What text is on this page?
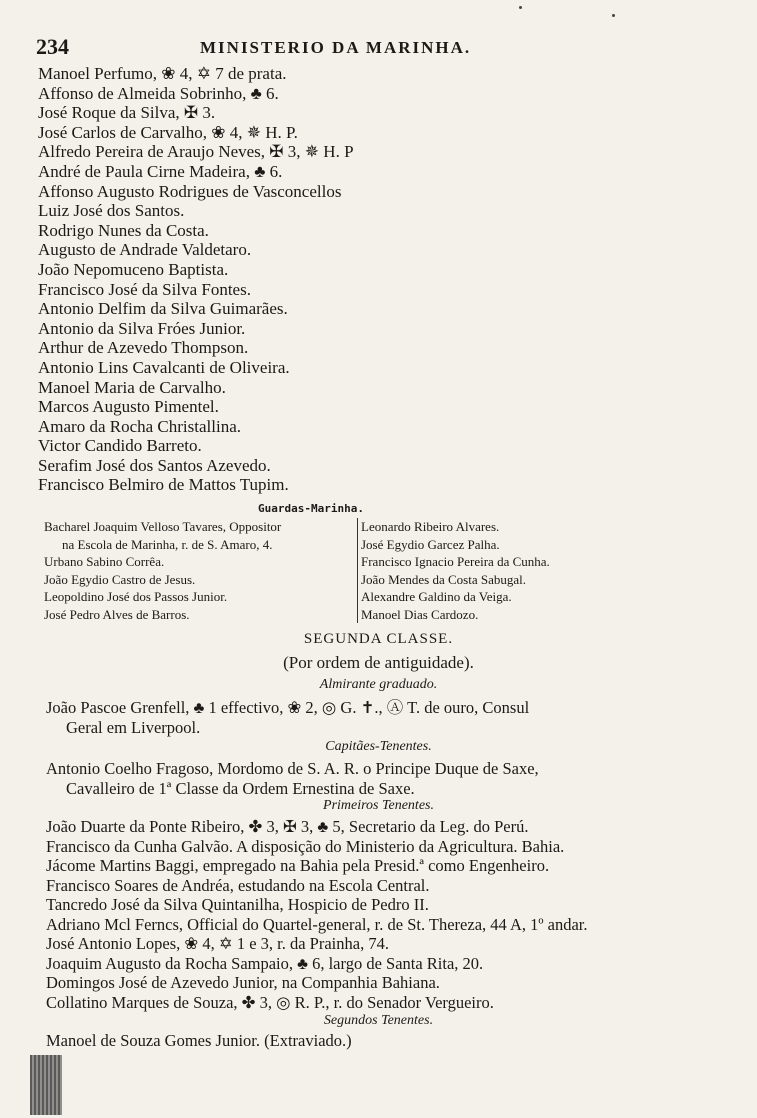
234	MINISTERIO DA MARINHA.
Manoel Perfumo, ❀ 4, ✡ 7 de prata.
Affonso de Almeida Sobrinho, ♣ 6.
José Roque da Silva, ✠ 3.
José Carlos de Carvalho, ❀ 4, ✵ H. P.
Alfredo Pereira de Araujo Neves, ✠ 3, ✵ H. P
André de Paula Cirne Madeira, ♣ 6.
Affonso Augusto Rodrigues de Vasconcellos
Luiz José dos Santos.
Rodrigo Nunes da Costa.
Augusto de Andrade Valdetaro.
João Nepomuceno Baptista.
Francisco José da Silva Fontes.
Antonio Delfim da Silva Guimarães.
Antonio da Silva Fróes Junior.
Arthur de Azevedo Thompson.
Antonio Lins Cavalcanti de Oliveira.
Manoel Maria de Carvalho.
Marcos Augusto Pimentel.
Amaro da Rocha Christallina.
Victor Candido Barreto.
Serafim José dos Santos Azevedo.
Francisco Belmiro de Mattos Tupim.
Guardas-Marinha.
Bacharel Joaquim Velloso Tavares, Oppositor
na Escola de Marinha, r. de S. Amaro, 4.
Urbano Sabino Corrêa.
João Egydio Castro de Jesus.
Leopoldino José dos Passos Junior.
José Pedro Alves de Barros.
Leonardo Ribeiro Alvares.
José Egydio Garcez Palha.
Francisco Ignacio Pereira da Cunha.
João Mendes da Costa Sabugal.
Alexandre Galdino da Veiga.
Manoel Dias Cardozo.
SEGUNDA CLASSE.
(Por ordem de antiguidade).
Almirante graduado.
João Pascoe Grenfell, ♣ 1 effectivo, ❀ 2, ◎ G. ✝., Ⓐ T. de ouro, Consul
Geral em Liverpool.
Capitães-Tenentes.
Antonio Coelho Fragoso, Mordomo de S. A. R. o Principe Duque de Saxe,
Cavalleiro de 1ª Classe da Ordem Ernestina de Saxe.
Primeiros Tenentes.
João Duarte da Ponte Ribeiro, ✤ 3, ✠ 3, ♣ 5, Secretario da Leg. do Perú.
Francisco da Cunha Galvão. A disposição do Ministerio da Agricultura. Bahia.
Jácome Martins Baggi, empregado na Bahia pela Presid.ª como Engenheiro.
Francisco Soares de Andréa, estudando na Escola Central.
Tancredo José da Silva Quintanilha, Hospicio de Pedro II.
Adriano Mcl Ferncs, Official do Quartel-general, r. de St. Thereza, 44 A, 1º andar.
José Antonio Lopes, ❀ 4, ✡ 1 e 3, r. da Prainha, 74.
Joaquim Augusto da Rocha Sampaio, ♣ 6, largo de Santa Rita, 20.
Domingos José de Azevedo Junior, na Companhia Bahiana.
Collatino Marques de Souza, ✤ 3, ◎ R. P., r. do Senador Vergueiro.
Segundos Tenentes.
Manoel de Souza Gomes Junior. (Extraviado.)
